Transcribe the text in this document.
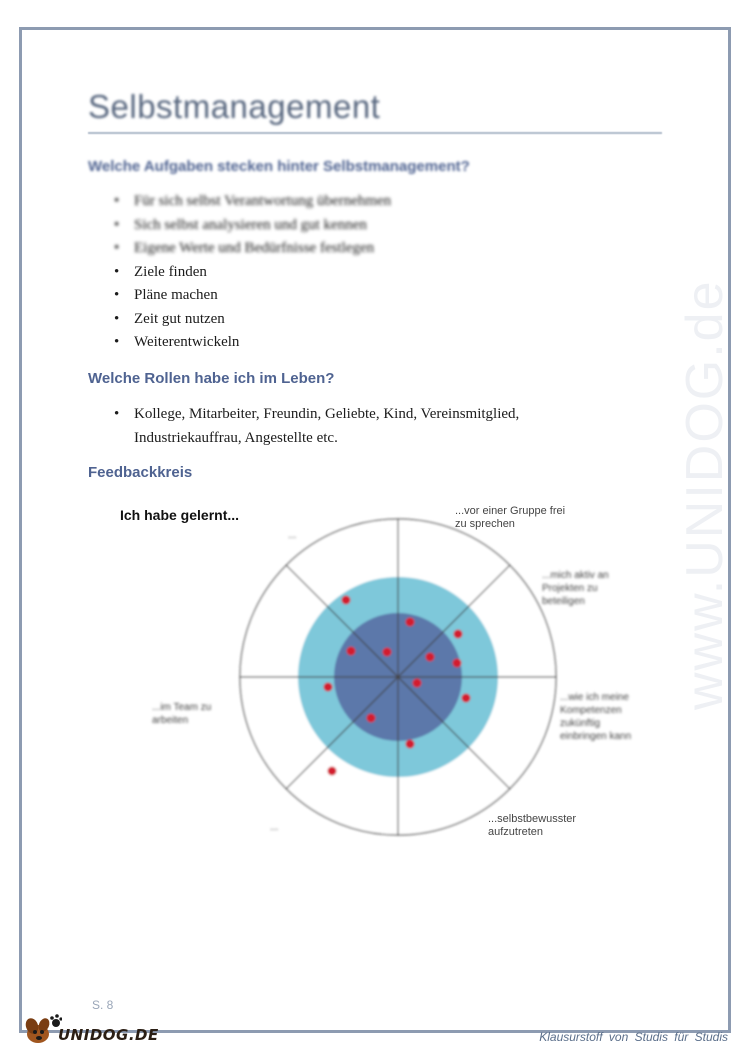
www.UNIDOG.de
Selbstmanagement
Welche Aufgaben stecken hinter Selbstmanagement?
• Für sich selbst Verantwortung übernehmen
• Sich selbst analysieren und gut kennen
• Eigene Werte und Bedürfnisse festlegen
• Ziele finden
• Pläne machen
• Zeit gut nutzen
• Weiterentwickeln
Welche Rollen habe ich im Leben?
• Kollege, Mitarbeiter, Freundin, Geliebte, Kind, Vereinsmitglied,
Industriekauffrau, Angestellte etc.
Feedbackkreis
Ich habe gelernt...	...vor einer Gruppe frei zu sprechen
...mich aktiv an Projekten zu beteiligen
...wie ich meine Kompetenzen zukünftig einbringen kann
...selbstbewusster aufzutreten
...im Team zu arbeiten
...
...
S. 8
UNIDOG.DE	Klausurstoff von Studis für Studis
